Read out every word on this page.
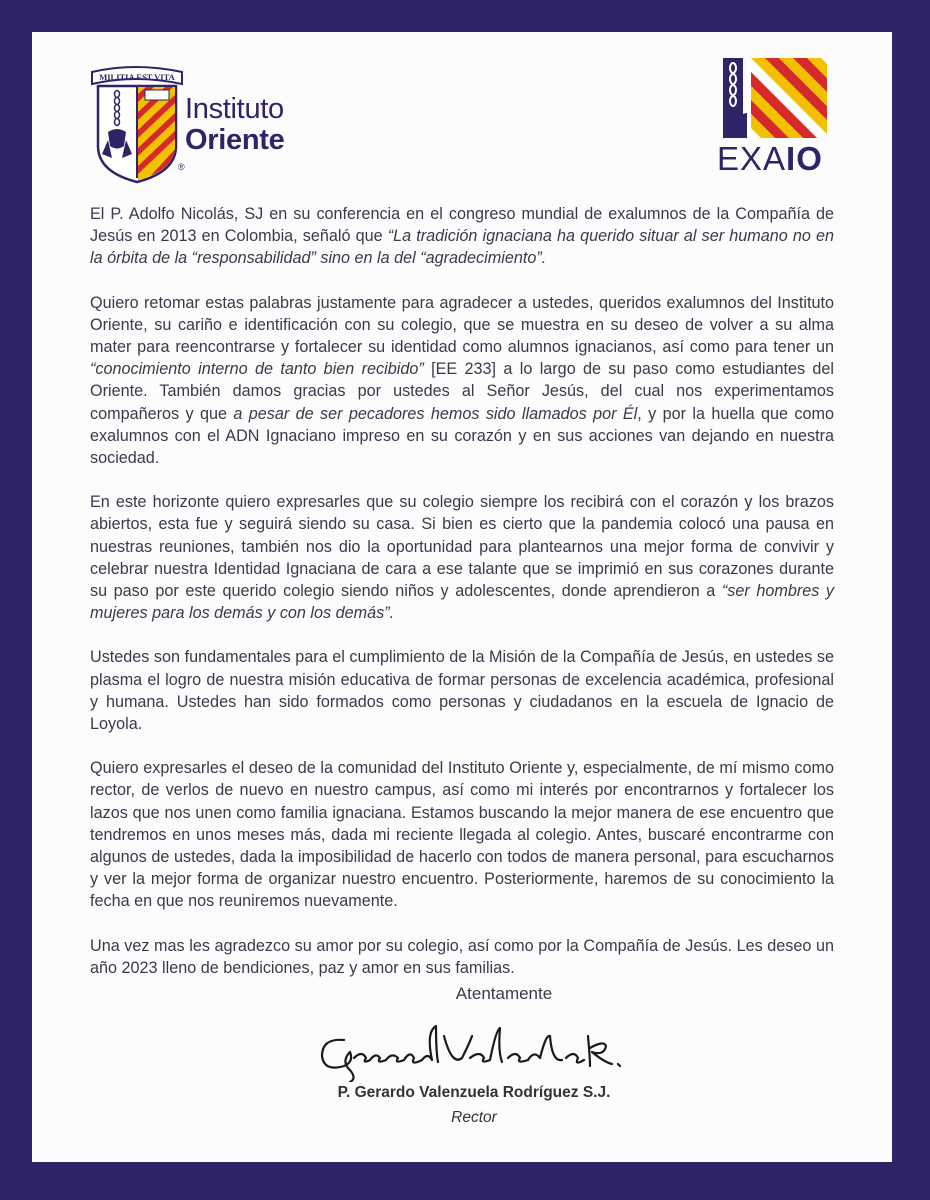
MILITIA EST VITA
Instituto
Oriente
®	EXAIO

El P. Adolfo Nicolás, SJ en su conferencia en el congreso mundial de exalumnos de la Compañía de Jesús en 2013 en Colombia, señaló que “La tradición ignaciana ha querido situar al ser humano no en la órbita de la “responsabilidad” sino en la del “agradecimiento”.

Quiero retomar estas palabras justamente para agradecer a ustedes, queridos exalumnos del Instituto Oriente, su cariño e identificación con su colegio, que se muestra en su deseo de volver a su alma mater para reencontrarse y fortalecer su identidad como alumnos ignacianos, así como para tener un “conocimiento interno de tanto bien recibido” [EE 233] a lo largo de su paso como estudiantes del Oriente. También damos gracias por ustedes al Señor Jesús, del cual nos experimentamos compañeros y que a pesar de ser pecadores hemos sido llamados por Él, y por la huella que como exalumnos con el ADN Ignaciano impreso en su corazón y en sus acciones van dejando en nuestra sociedad.

En este horizonte quiero expresarles que su colegio siempre los recibirá con el corazón y los brazos abiertos, esta fue y seguirá siendo su casa. Si bien es cierto que la pandemia colocó una pausa en nuestras reuniones, también nos dio la oportunidad para plantearnos una mejor forma de convivir y celebrar nuestra Identidad Ignaciana de cara a ese talante que se imprimió en sus corazones durante su paso por este querido colegio siendo niños y adolescentes, donde aprendieron a “ser hombres y mujeres para los demás y con los demás”.

Ustedes son fundamentales para el cumplimiento de la Misión de la Compañía de Jesús, en ustedes se plasma el logro de nuestra misión educativa de formar personas de excelencia académica, profesional y humana. Ustedes han sido formados como personas y ciudadanos en la escuela de Ignacio de Loyola.

Quiero expresarles el deseo de la comunidad del Instituto Oriente y, especialmente, de mí mismo como rector, de verlos de nuevo en nuestro campus, así como mi interés por encontrarnos y fortalecer los lazos que nos unen como familia ignaciana. Estamos buscando la mejor manera de ese encuentro que tendremos en unos meses más, dada mi reciente llegada al colegio. Antes, buscaré encontrarme con algunos de ustedes, dada la imposibilidad de hacerlo con todos de manera personal, para escucharnos y ver la mejor forma de organizar nuestro encuentro. Posteriormente, haremos de su conocimiento la fecha en que nos reuniremos nuevamente.

Una vez mas les agradezco su amor por su colegio, así como por la Compañía de Jesús. Les deseo un año 2023 lleno de bendiciones, paz y amor en sus familias.

Atentamente
P. Gerardo Valenzuela Rodríguez S.J.
Rector
